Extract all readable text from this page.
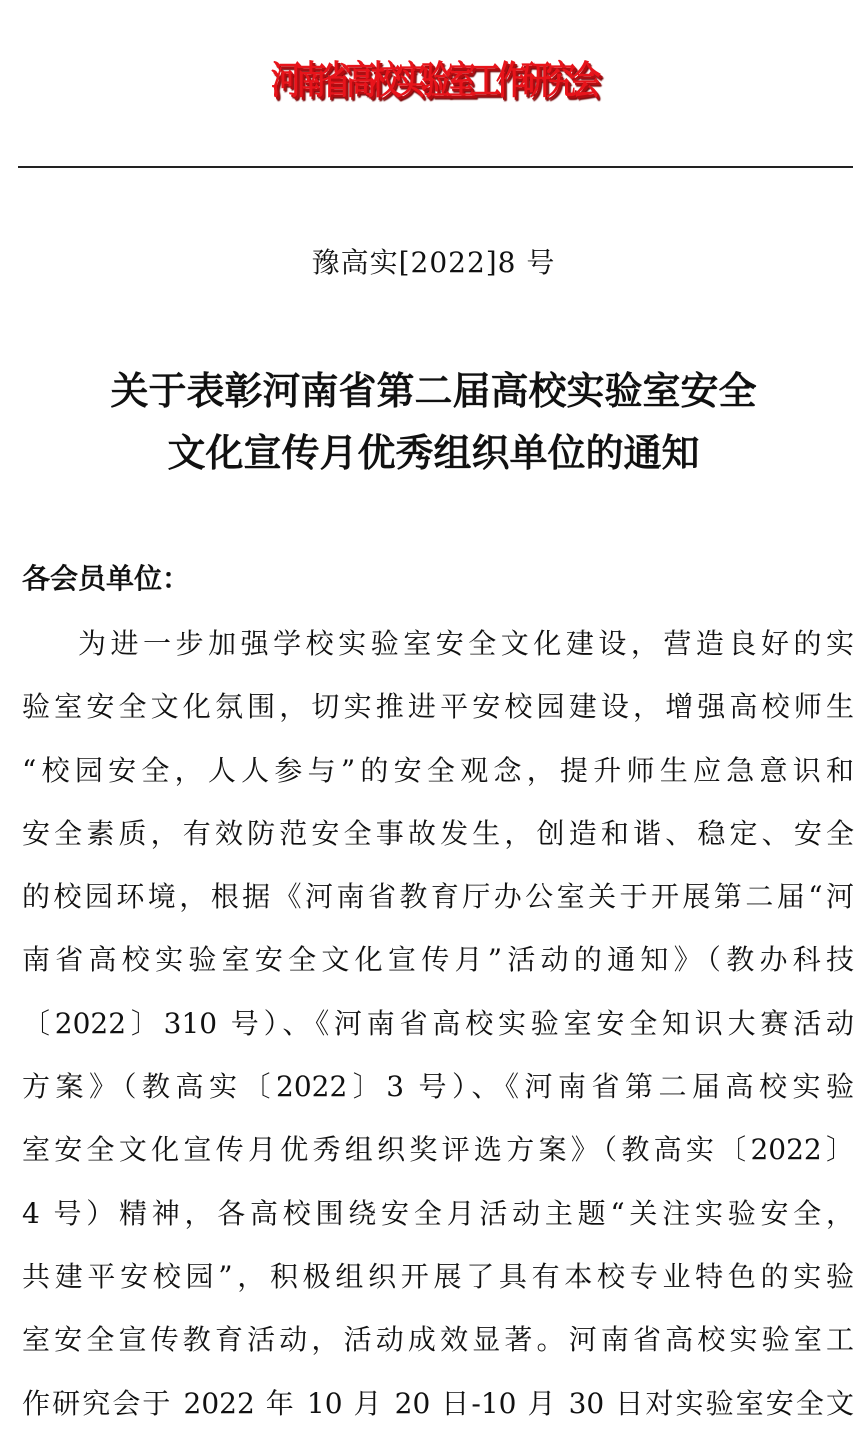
河南省高校实验室工作研究会
豫高实[2022]8 号
关于表彰河南省第二届高校实验室安全
文化宣传月优秀组织单位的通知
各会员单位：
为进一步加强学校实验室安全文化建设，营造良好的实
验室安全文化氛围，切实推进平安校园建设，增强高校师生
“校园安全，人人参与”的安全观念，提升师生应急意识和
安全素质，有效防范安全事故发生，创造和谐、稳定、安全
的校园环境，根据《河南省教育厅办公室关于开展第二届“河
南省高校实验室安全文化宣传月”活动的通知》（教办科技
〔2022〕310 号）、《河南省高校实验室安全知识大赛活动
方案》（教高实〔2022〕3 号）、《河南省第二届高校实验
室安全文化宣传月优秀组织奖评选方案》（教高实〔2022〕
4 号）精神，各高校围绕安全月活动主题“关注实验安全，
共建平安校园”，积极组织开展了具有本校专业特色的实验
室安全宣传教育活动，活动成效显著。河南省高校实验室工
作研究会于 2022 年 10 月 20 日-10 月 30 日对实验室安全文
